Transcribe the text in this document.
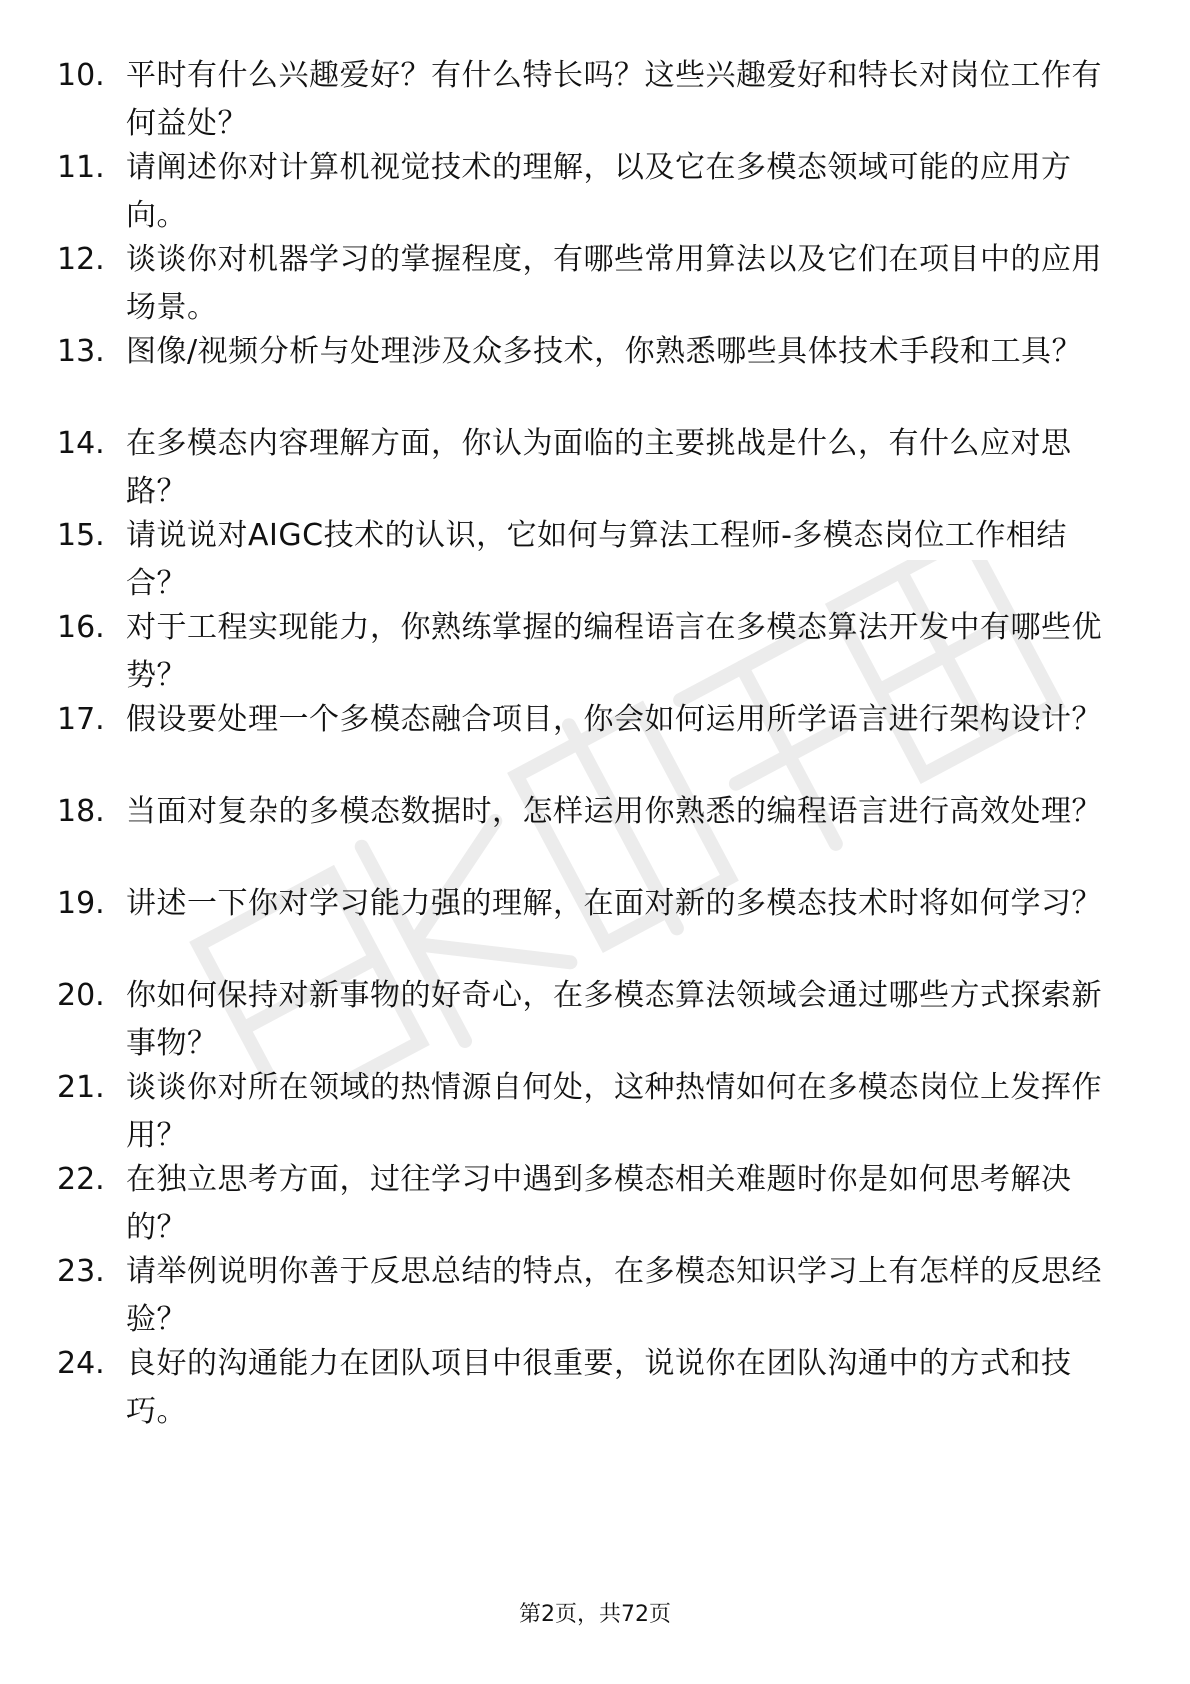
10. 平时有什么兴趣爱好？有什么特长吗？这些兴趣爱好和特长对岗位工作有何益处？
11. 请阐述你对计算机视觉技术的理解，以及它在多模态领域可能的应用方向。
12. 谈谈你对机器学习的掌握程度，有哪些常用算法以及它们在项目中的应用场景。
13. 图像/视频分析与处理涉及众多技术，你熟悉哪些具体技术手段和工具？
14. 在多模态内容理解方面，你认为面临的主要挑战是什么，有什么应对思路？
15. 请说说对AIGC技术的认识，它如何与算法工程师-多模态岗位工作相结合？
16. 对于工程实现能力，你熟练掌握的编程语言在多模态算法开发中有哪些优势？
17. 假设要处理一个多模态融合项目，你会如何运用所学语言进行架构设计？
18. 当面对复杂的多模态数据时，怎样运用你熟悉的编程语言进行高效处理？
19. 讲述一下你对学习能力强的理解，在面对新的多模态技术时将如何学习？
20. 你如何保持对新事物的好奇心，在多模态算法领域会通过哪些方式探索新事物？
21. 谈谈你对所在领域的热情源自何处，这种热情如何在多模态岗位上发挥作用？
22. 在独立思考方面，过往学习中遇到多模态相关难题时你是如何思考解决的？
23. 请举例说明你善于反思总结的特点，在多模态知识学习上有怎样的反思经验？
24. 良好的沟通能力在团队项目中很重要，说说你在团队沟通中的方式和技巧。
第2页，共72页
